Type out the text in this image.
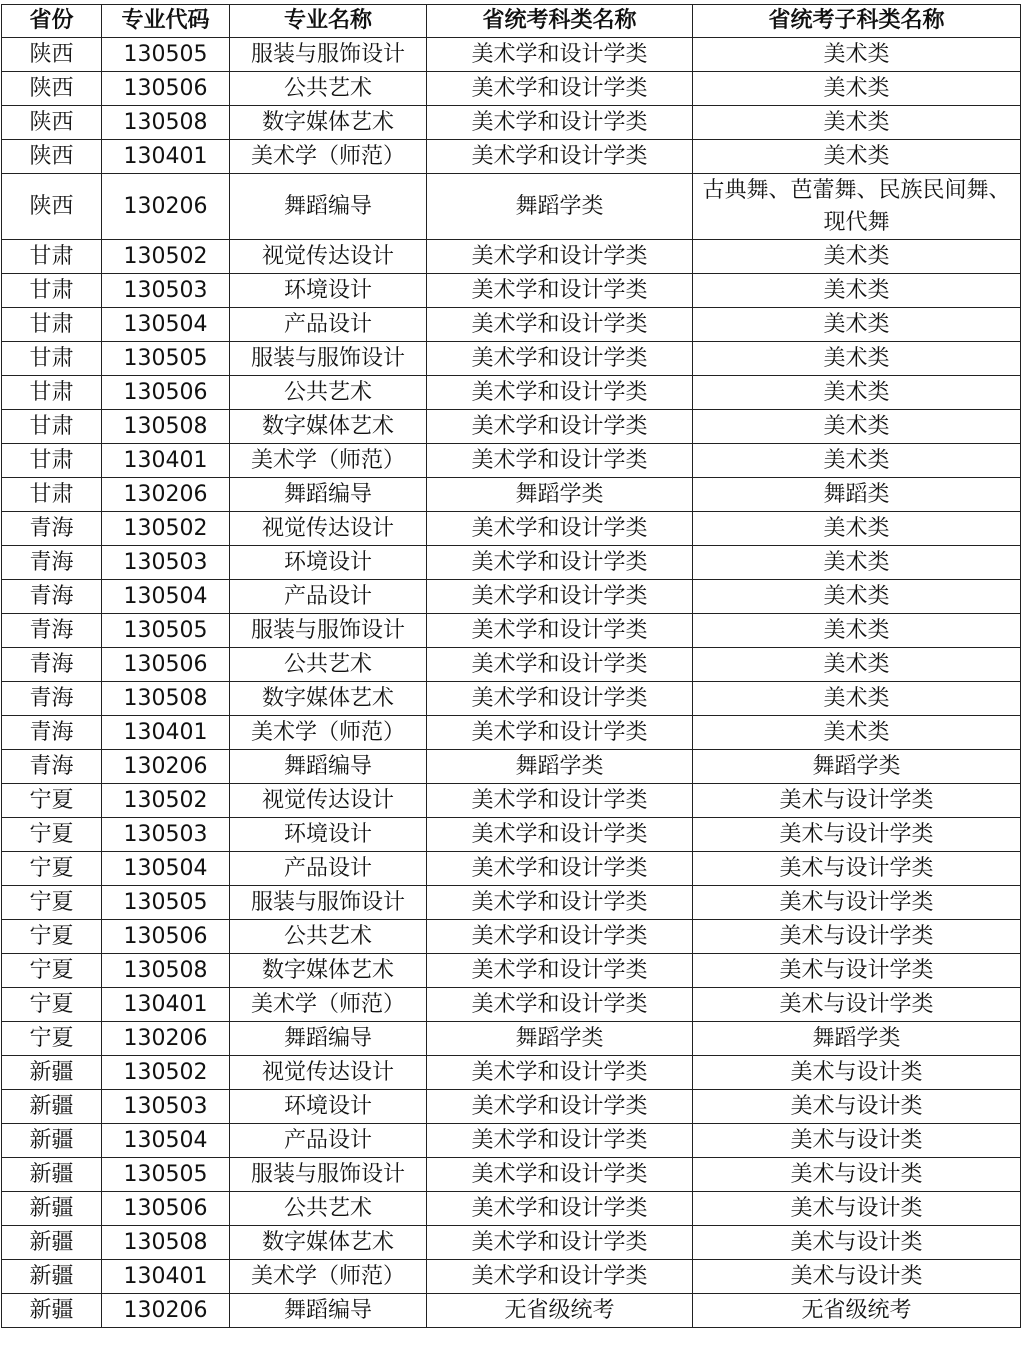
省份	专业代码	专业名称	省统考科类名称	省统考子科类名称
陕西	130505	服装与服饰设计	美术学和设计学类	美术类
陕西	130506	公共艺术	美术学和设计学类	美术类
陕西	130508	数字媒体艺术	美术学和设计学类	美术类
陕西	130401	美术学（师范）	美术学和设计学类	美术类
陕西	130206	舞蹈编导	舞蹈学类	古典舞、芭蕾舞、民族民间舞、现代舞
甘肃	130502	视觉传达设计	美术学和设计学类	美术类
甘肃	130503	环境设计	美术学和设计学类	美术类
甘肃	130504	产品设计	美术学和设计学类	美术类
甘肃	130505	服装与服饰设计	美术学和设计学类	美术类
甘肃	130506	公共艺术	美术学和设计学类	美术类
甘肃	130508	数字媒体艺术	美术学和设计学类	美术类
甘肃	130401	美术学（师范）	美术学和设计学类	美术类
甘肃	130206	舞蹈编导	舞蹈学类	舞蹈类
青海	130502	视觉传达设计	美术学和设计学类	美术类
青海	130503	环境设计	美术学和设计学类	美术类
青海	130504	产品设计	美术学和设计学类	美术类
青海	130505	服装与服饰设计	美术学和设计学类	美术类
青海	130506	公共艺术	美术学和设计学类	美术类
青海	130508	数字媒体艺术	美术学和设计学类	美术类
青海	130401	美术学（师范）	美术学和设计学类	美术类
青海	130206	舞蹈编导	舞蹈学类	舞蹈学类
宁夏	130502	视觉传达设计	美术学和设计学类	美术与设计学类
宁夏	130503	环境设计	美术学和设计学类	美术与设计学类
宁夏	130504	产品设计	美术学和设计学类	美术与设计学类
宁夏	130505	服装与服饰设计	美术学和设计学类	美术与设计学类
宁夏	130506	公共艺术	美术学和设计学类	美术与设计学类
宁夏	130508	数字媒体艺术	美术学和设计学类	美术与设计学类
宁夏	130401	美术学（师范）	美术学和设计学类	美术与设计学类
宁夏	130206	舞蹈编导	舞蹈学类	舞蹈学类
新疆	130502	视觉传达设计	美术学和设计学类	美术与设计类
新疆	130503	环境设计	美术学和设计学类	美术与设计类
新疆	130504	产品设计	美术学和设计学类	美术与设计类
新疆	130505	服装与服饰设计	美术学和设计学类	美术与设计类
新疆	130506	公共艺术	美术学和设计学类	美术与设计类
新疆	130508	数字媒体艺术	美术学和设计学类	美术与设计类
新疆	130401	美术学（师范）	美术学和设计学类	美术与设计类
新疆	130206	舞蹈编导	无省级统考	无省级统考
